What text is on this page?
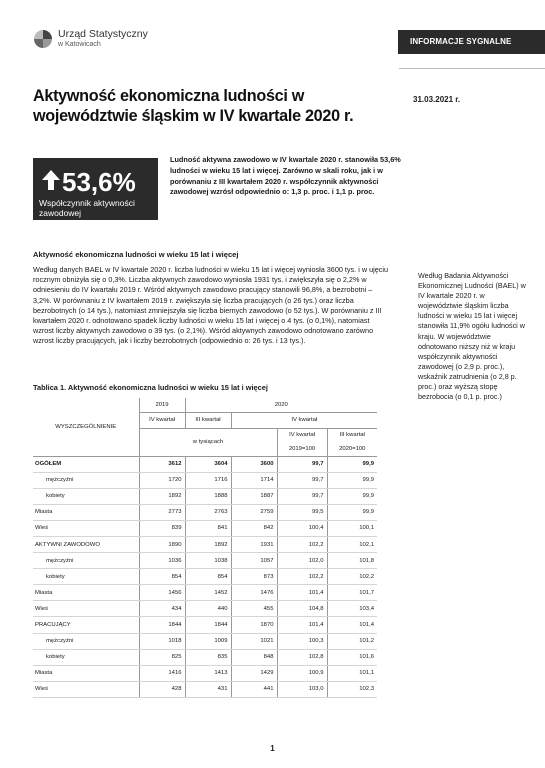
Urząd Statystyczny
w Katowicach	INFORMACJE SYGNALNE
31.03.2021 r.
Aktywność ekonomiczna ludności w województwie śląskim w IV kwartale 2020 r.
53,6%
Współczynnik aktywności zawodowej
Ludność aktywna zawodowo w IV kwartale 2020 r. stanowiła 53,6% ludności w wieku 15 lat i więcej. Zarówno w skali roku, jak i w porównaniu z III kwartałem 2020 r. współczynnik aktywności zawodowej wzrósł odpowiednio o: 1,3 p. proc. i 1,1 p. proc.
Aktywność ekonomiczna ludności w wieku 15 lat i więcej
Według danych BAEL w IV kwartale 2020 r. liczba ludności w wieku 15 lat i więcej wyniosła 3600 tys. i w ujęciu rocznym obniżyła się o 0,3%. Liczba aktywnych zawodowo wyniosła 1931 tys. i zwiększyła się o 2,2% w odniesieniu do IV kwartału 2019 r. Wśród aktywnych zawodowo pracujący stanowili 96,8%, a bezrobotni – 3,2%. W porównaniu z IV kwartałem 2019 r. zwiększyła się liczba pracujących (o 26 tys.) oraz liczba bezrobotnych (o 14 tys.), natomiast zmniejszyła się liczba biernych zawodowo (o 52 tys.). W porównaniu z III kwartałem 2020 r. odnotowano spadek liczby ludności w wieku 15 lat i więcej o 4 tys. (o 0,1%), natomiast wzrost liczby aktywnych zawodowo o 39 tys. (o 2,1%). Wśród aktywnych zawodowo odnotowano zarówno wzrost liczby pracujących, jak i liczby bezrobotnych (odpowiednio o: 26 tys. i 13 tys.).
Według Badania Aktywności Ekonomicznej Ludności (BAEL) w IV kwartale 2020 r. w województwie śląskim liczba ludności w wieku 15 lat i więcej stanowiła 11,9% ogółu ludności w kraju. W województwie odnotowano niższy niż w kraju współczynnik aktywności zawodowej (o 2,9 p. proc.), wskaźnik zatrudnienia (o 2,8 p. proc.) oraz wyższą stopę bezrobocia (o 0,1 p. proc.)
Tablica 1. Aktywność ekonomiczna ludności w wieku 15 lat i więcej
WYSZCZEGÓLNIENIE	2019	2020			
	IV kwartał	III kwartał	IV kwartał		
	w tysiącach			IV kwartał	III kwartał
				2019=100	2020=100
OGÓŁEM	3612	3604	3600	99,7	99,9
mężczyźni	1720	1716	1714	99,7	99,9
kobiety	1892	1888	1887	99,7	99,9
Miasta	2773	2763	2759	99,5	99,9
Wieś	839	841	842	100,4	100,1
AKTYWNI ZAWODOWO	1890	1892	1931	102,2	102,1
mężczyźni	1036	1038	1057	102,0	101,8
kobiety	854	854	873	102,2	102,2
Miasta	1456	1452	1476	101,4	101,7
Wieś	434	440	455	104,8	103,4
PRACUJĄCY	1844	1844	1870	101,4	101,4
mężczyźni	1018	1009	1021	100,3	101,2
kobiety	825	835	848	102,8	101,6
Miasta	1416	1413	1429	100,9	101,1
Wieś	428	431	441	103,0	102,3
1
